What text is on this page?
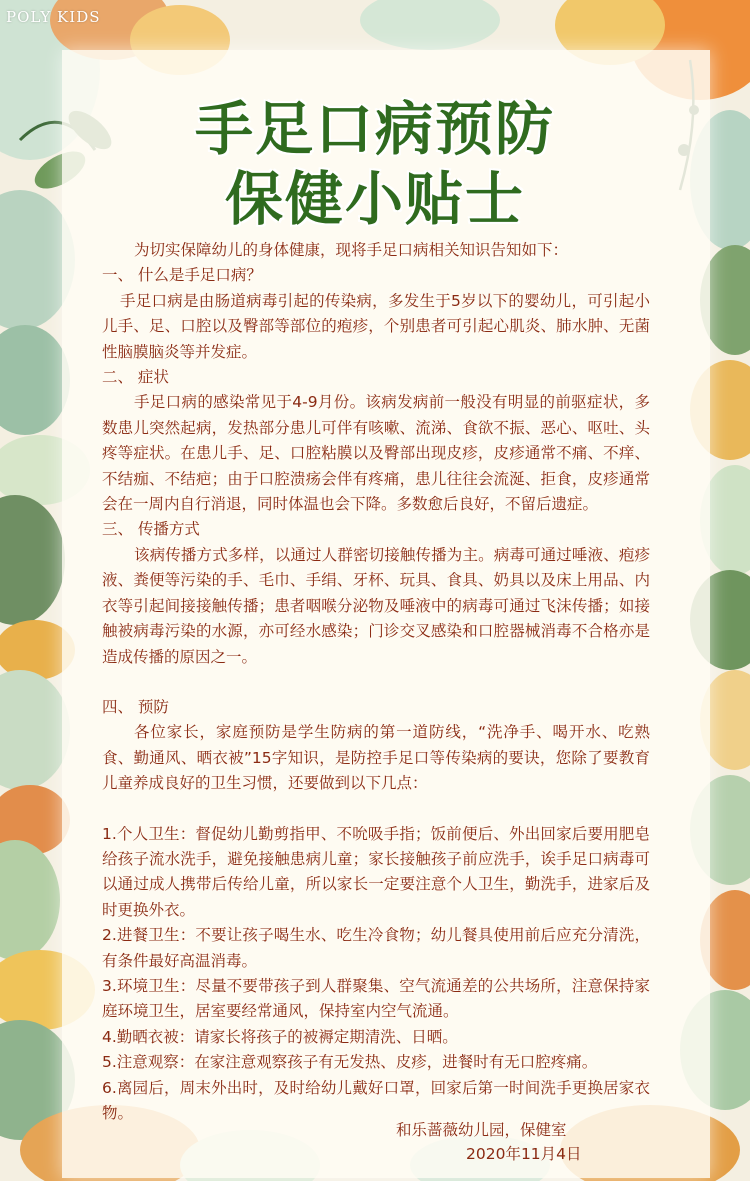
POLY KIDS
手足口病预防
保健小贴士

为切实保障幼儿的身体健康，现将手足口病相关知识告知如下：

一、 什么是手足口病？

手足口病是由肠道病毒引起的传染病，多发生于5岁以下的婴幼儿，可引起小儿手、足、口腔以及臀部等部位的疱疹，个别患者可引起心肌炎、肺水肿、无菌性脑膜脑炎等并发症。

二、 症状

手足口病的感染常见于4-9月份。该病发病前一般没有明显的前驱症状，多数患儿突然起病，发热部分患儿可伴有咳嗽、流涕、食欲不振、恶心、呕吐、头疼等症状。在患儿手、足、口腔粘膜以及臀部出现皮疹，皮疹通常不痛、不痒、不结痂、不结疤；由于口腔溃疡会伴有疼痛，患儿往往会流涎、拒食，皮疹通常会在一周内自行消退，同时体温也会下降。多数愈后良好，不留后遗症。

三、 传播方式

该病传播方式多样，以通过人群密切接触传播为主。病毒可通过唾液、疱疹液、粪便等污染的手、毛巾、手绢、牙杯、玩具、食具、奶具以及床上用品、内衣等引起间接接触传播；患者咽喉分泌物及唾液中的病毒可通过飞沫传播；如接触被病毒污染的水源，亦可经水感染；门诊交叉感染和口腔器械消毒不合格亦是造成传播的原因之一。

四、 预防

各位家长，家庭预防是学生防病的第一道防线，“洗净手、喝开水、吃熟食、勤通风、晒衣被”15字知识，是防控手足口等传染病的要诀，您除了要教育儿童养成良好的卫生习惯，还要做到以下几点：

1.个人卫生：督促幼儿勤剪指甲、不吮吸手指；饭前便后、外出回家后要用肥皂给孩子流水洗手，避免接触患病儿童；家长接触孩子前应洗手，诶手足口病毒可以通过成人携带后传给儿童，所以家长一定要注意个人卫生，勤洗手，进家后及时更换外衣。

2.进餐卫生：不要让孩子喝生水、吃生冷食物；幼儿餐具使用前后应充分清洗，有条件最好高温消毒。

3.环境卫生：尽量不要带孩子到人群聚集、空气流通差的公共场所，注意保持家庭环境卫生，居室要经常通风，保持室内空气流通。

4.勤晒衣被：请家长将孩子的被褥定期清洗、日晒。

5.注意观察：在家注意观察孩子有无发热、皮疹，进餐时有无口腔疼痛。

6.离园后，周末外出时，及时给幼儿戴好口罩，回家后第一时间洗手更换居家衣物。

和乐蔷薇幼儿园，保健室
2020年11月4日
